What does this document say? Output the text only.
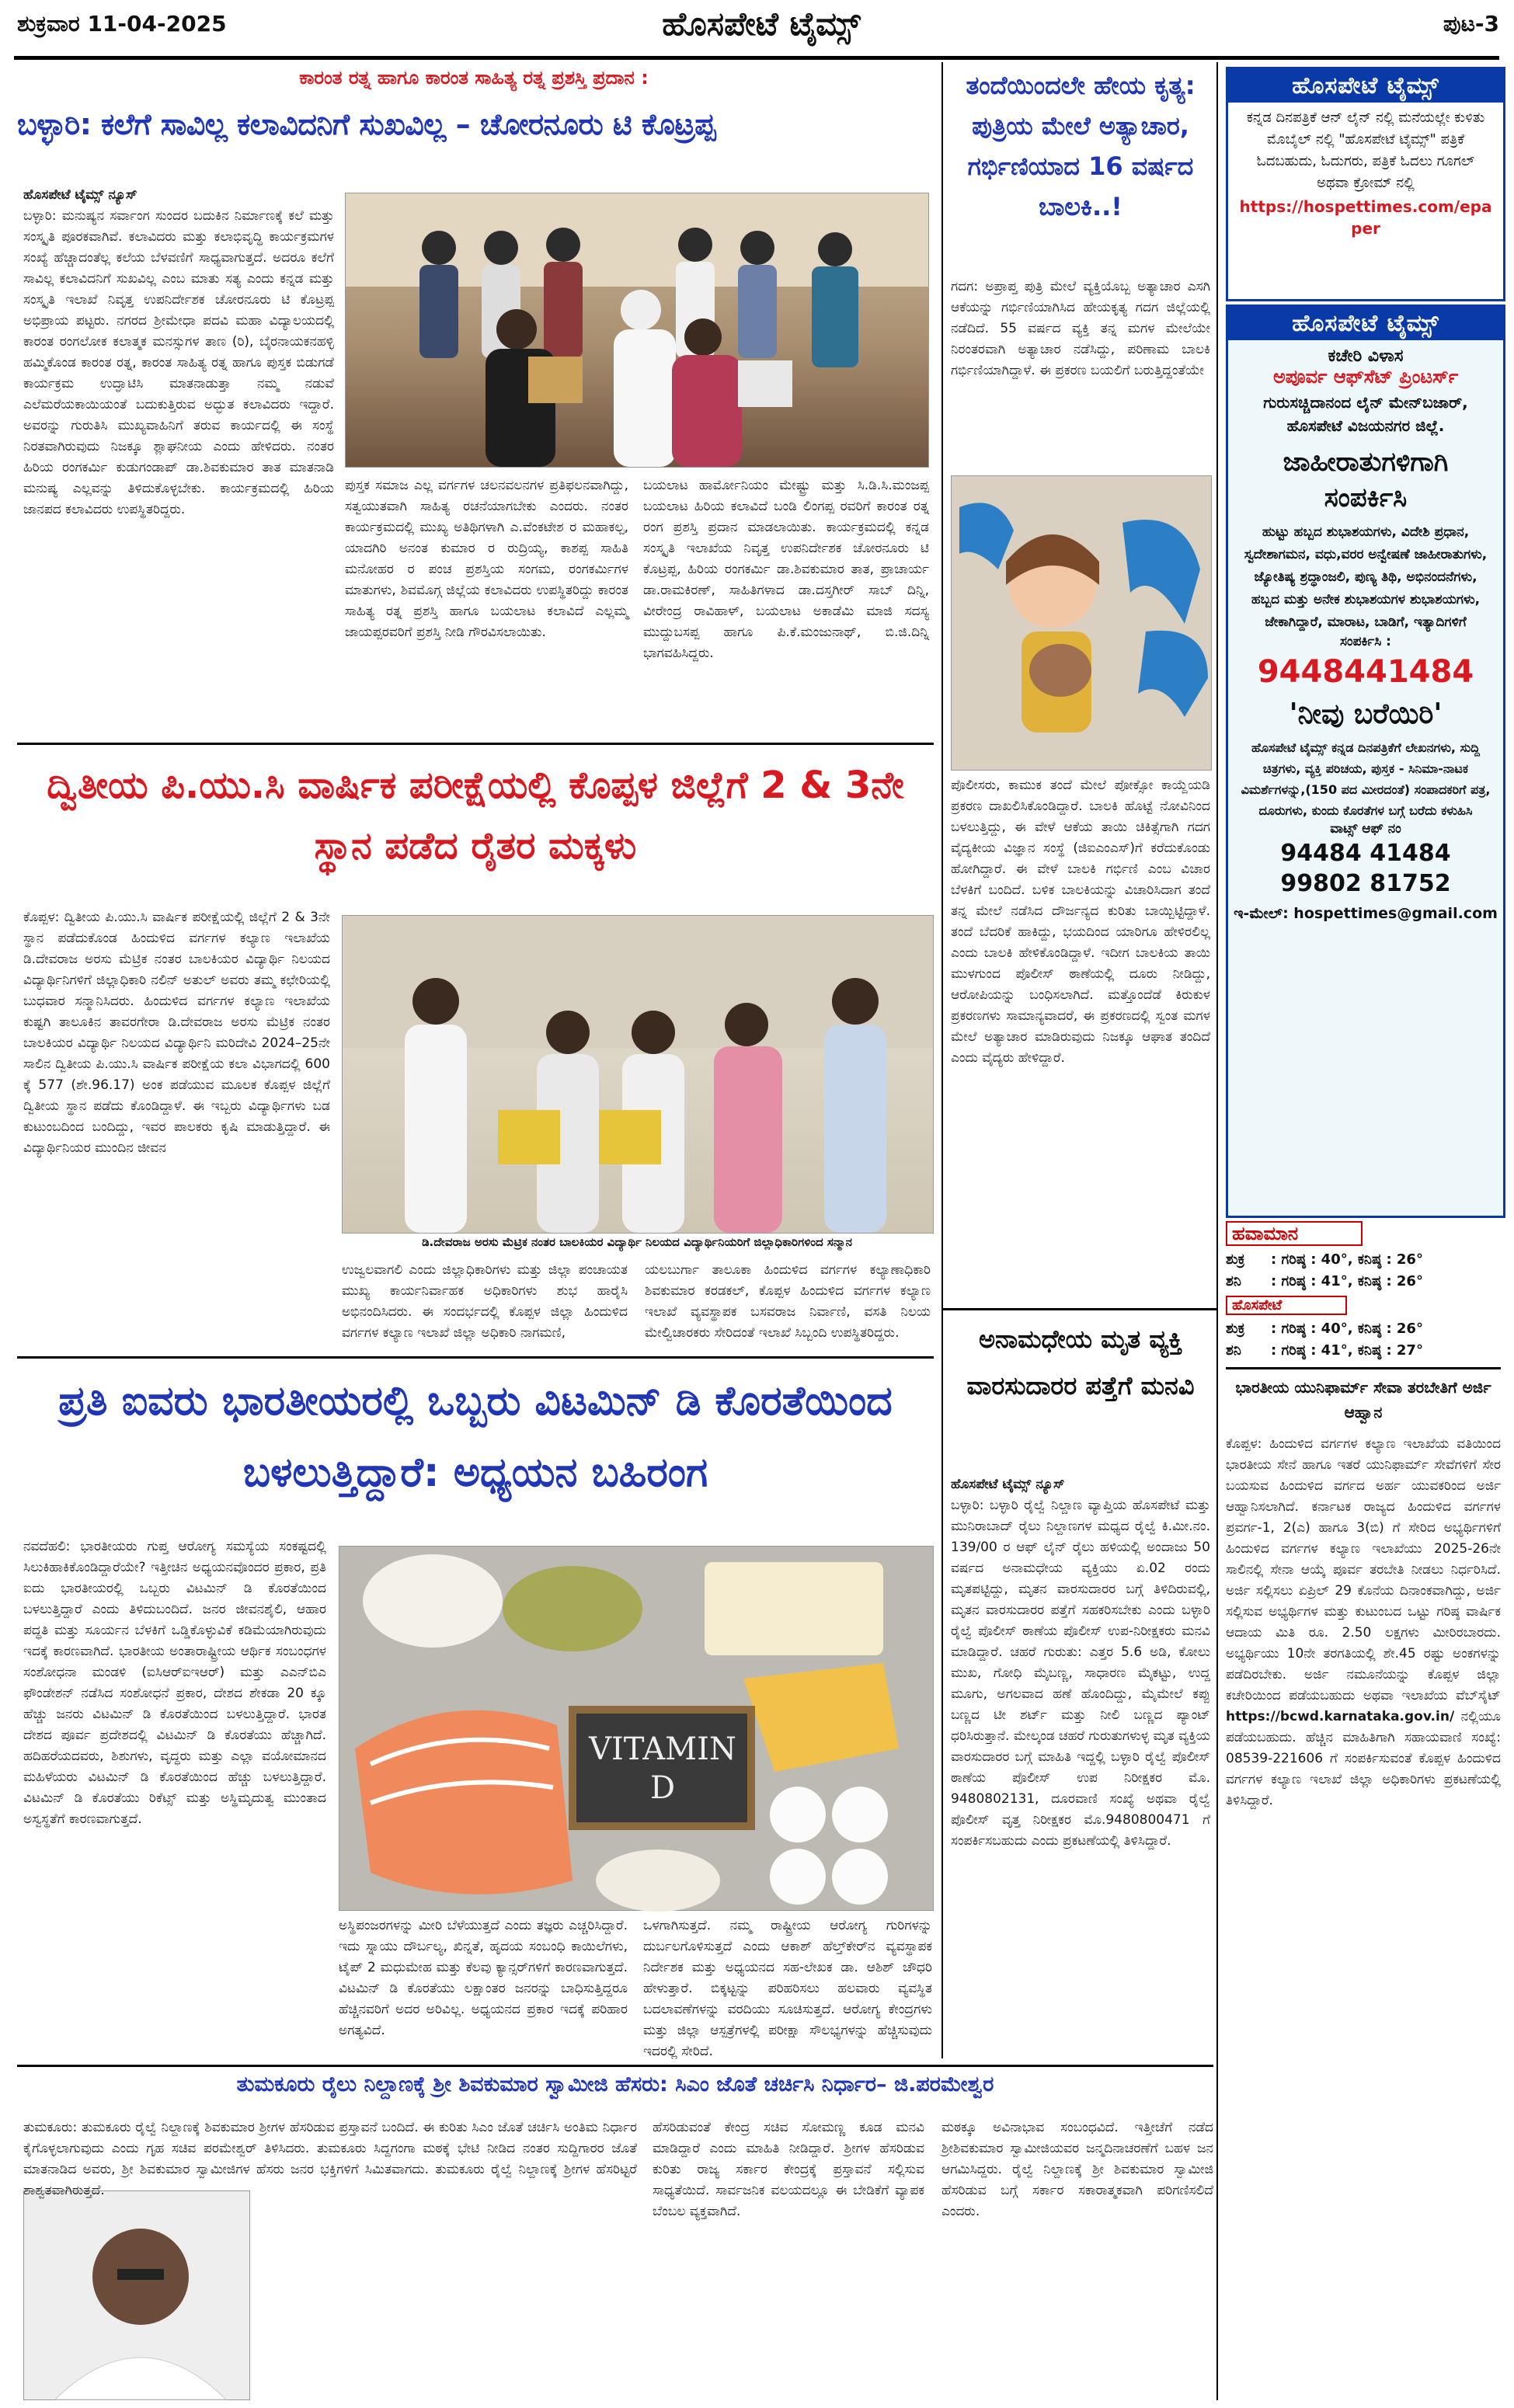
ಶುಕ್ರವಾರ 11-04-2025	ಹೊಸಪೇಟೆ ಟೈಮ್ಸ್	ಪುಟ-3
ಕಾರಂತ ರತ್ನ ಹಾಗೂ ಕಾರಂತ ಸಾಹಿತ್ಯ ರತ್ನ ಪ್ರಶಸ್ತಿ ಪ್ರದಾನ :
ಬಳ್ಳಾರಿ: ಕಲೆಗೆ ಸಾವಿಲ್ಲ ಕಲಾವಿದನಿಗೆ ಸುಖವಿಲ್ಲ – ಚೋರನೂರು ಟಿ ಕೊಟ್ರಪ್ಪ
ಹೊಸಪೇಟೆ ಟೈಮ್ಸ್ ನ್ಯೂಸ್
ಬಳ್ಳಾರಿ: ಮನುಷ್ಯನ ಸರ್ವಾಂಗ ಸುಂದರ ಬದುಕಿನ ನಿರ್ಮಾಣಕ್ಕೆ ಕಲೆ ಮತ್ತು ಸಂಸ್ಕೃತಿ ಪೂರಕವಾಗಿವೆ. ಕಲಾವಿದರು ಮತ್ತು ಕಲಾಭಿವೃದ್ಧಿ ಕಾರ್ಯಕ್ರಮಗಳ ಸಂಖ್ಯೆ ಹೆಚ್ಚಾದಂತೆಲ್ಲ ಕಲೆಯ ಬೆಳವಣಿಗೆ ಸಾಧ್ಯವಾಗುತ್ತದೆ. ಅದರೂ ಕಲೆಗೆ ಸಾವಿಲ್ಲ ಕಲಾವಿದನಿಗೆ ಸುಖವಿಲ್ಲ ಎಂಬ ಮಾತು ಸತ್ಯ ಎಂದು ಕನ್ನಡ ಮತ್ತು ಸಂಸ್ಕೃತಿ ಇಲಾಖೆ ನಿವೃತ್ತ ಉಪನಿರ್ದೇಶಕ ಚೋರನೂರು ಟಿ ಕೊಟ್ರಪ್ಪ ಅಭಿಪ್ರಾಯ ಪಟ್ಟರು. ನಗರದ ಶ್ರೀಮೇಧಾ ಪದವಿ ಮಹಾ ವಿದ್ಯಾಲಯದಲ್ಲಿ ಕಾರಂತ ರಂಗಲೋಕ ಕಲಾತ್ಮಕ ಮನಸ್ಸುಗಳ ತಾಣ (ರಿ), ಬೈರನಾಯಕನಹಳ್ಳಿ ಹಮ್ಮಿಕೊಂಡ ಕಾರಂತ ರತ್ನ, ಕಾರಂತ ಸಾಹಿತ್ಯ ರತ್ನ ಹಾಗೂ ಪುಸ್ತಕ ಬಿಡುಗಡೆ ಕಾರ್ಯಕ್ರಮ ಉದ್ಘಾಟಿಸಿ ಮಾತನಾಡುತ್ತಾ ನಮ್ಮ ನಡುವೆ ಎಲೆಮರೆಯಕಾಯಿಯಂತೆ ಬದುಕುತ್ತಿರುವ ಅದ್ಭುತ ಕಲಾವಿದರು ಇದ್ದಾರೆ. ಅವರನ್ನು ಗುರುತಿಸಿ ಮುಖ್ಯವಾಹಿನಿಗೆ ತರುವ ಕಾರ್ಯದಲ್ಲಿ ಈ ಸಂಸ್ಥೆ ನಿರತವಾಗಿರುವುದು ನಿಜಕ್ಕೂ ಶ್ಲಾಘನೀಯ ಎಂದು ಹೇಳಿದರು. ನಂತರ ಹಿರಿಯ ರಂಗಕರ್ಮಿ ಕುಡುಗಂಡಾಪ್ ಡಾ.ಶಿವಕುಮಾರ ತಾತ ಮಾತನಾಡಿ ಮನುಷ್ಯ ಎಲ್ಲವನ್ನು ತಿಳಿದುಕೊಳ್ಳಬೇಕು. ಕಾರ್ಯಕ್ರಮದಲ್ಲಿ ಹಿರಿಯ ಜಾನಪದ ಕಲಾವಿದರು ಉಪಸ್ಥಿತರಿದ್ದರು.
ಪುಸ್ತಕ ಸಮಾಜ ಎಲ್ಲ ವರ್ಗಗಳ ಚಲನವಲನಗಳ ಪ್ರತಿಫಲನವಾಗಿದ್ದು, ಸತ್ವಯುತವಾಗಿ ಸಾಹಿತ್ಯ ರಚನೆಯಾಗಬೇಕು ಎಂದರು. ನಂತರ ಕಾರ್ಯಕ್ರಮದಲ್ಲಿ ಮುಖ್ಯ ಅತಿಥಿಗಳಾಗಿ ಎ.ವೆಂಕಟೇಶ ರ ಮಹಾಕಲ್ಪ, ಯಾದಗಿರಿ ಅನಂತ ಕುಮಾರ ರ ರುದ್ರಿಯ್ಯ, ಕಾಶಪ್ಪ ಸಾಹಿತಿ ಮನೋಹರ ರ ಪಂಚ ಪ್ರಶಸ್ತಿಯ ಸಂಗಮ, ರಂಗಕರ್ಮಿಗಳ ಮಾತುಗಳು, ಶಿವಮೊಗ್ಗ ಜಿಲ್ಲೆಯ ಕಲಾವಿದರು ಉಪಸ್ಥಿತರಿದ್ದು ಕಾರಂತ ಸಾಹಿತ್ಯ ರತ್ನ ಪ್ರಶಸ್ತಿ ಹಾಗೂ ಬಯಲಾಟ ಕಲಾವಿದೆ ಎಲ್ಲಮ್ಮ ಜಾಯಪ್ಪರವರಿಗೆ ಪ್ರಶಸ್ತಿ ನೀಡಿ ಗೌರವಿಸಲಾಯಿತು.
ಬಯಲಾಟ ಹಾರ್ಮೋನಿಯಂ ಮೇಷ್ಟ್ರು ಮತ್ತು ಸಿ.ಡಿ.ಸಿ.ಮಂಜಪ್ಪ ಬಯಲಾಟ ಹಿರಿಯ ಕಲಾವಿದೆ ಬಂಡಿ ಲಿಂಗಪ್ಪ ರವರಿಗೆ ಕಾರಂತ ರತ್ನ ರಂಗ ಪ್ರಶಸ್ತಿ ಪ್ರದಾನ ಮಾಡಲಾಯಿತು. ಕಾರ್ಯಕ್ರಮದಲ್ಲಿ ಕನ್ನಡ ಸಂಸ್ಕೃತಿ ಇಲಾಖೆಯ ನಿವೃತ್ತ ಉಪನಿರ್ದೇಶಕ ಚೋರನೂರು ಟಿ ಕೊಟ್ರಪ್ಪ, ಹಿರಿಯ ರಂಗಕರ್ಮಿ ಡಾ.ಶಿವಕುಮಾರ ತಾತ, ಪ್ರಾಚಾರ್ಯ ಡಾ.ರಾಮಕಿರಣ್, ಸಾಹಿತಿಗಳಾದ ಡಾ.ದಸ್ತಗೀರ್ ಸಾಬ್ ದಿನ್ನಿ, ವೀರೇಂದ್ರ ರಾವಿಹಾಳ್, ಬಯಲಾಟ ಅಕಾಡೆಮಿ ಮಾಜಿ ಸದಸ್ಯ ಮುದ್ದುಬಸಪ್ಪ ಹಾಗೂ ಪಿ.ಕೆ.ಮಂಜುನಾಥ್, ಬಿ.ಜಿ.ದಿನ್ನಿ ಭಾಗವಹಿಸಿದ್ದರು.
ದ್ವಿತೀಯ ಪಿ.ಯು.ಸಿ ವಾರ್ಷಿಕ ಪರೀಕ್ಷೆಯಲ್ಲಿ ಕೊಪ್ಪಳ ಜಿಲ್ಲೆಗೆ 2 & 3ನೇ ಸ್ಥಾನ ಪಡೆದ ರೈತರ ಮಕ್ಕಳು
ಕೊಪ್ಪಳ: ದ್ವಿತೀಯ ಪಿ.ಯು.ಸಿ ವಾರ್ಷಿಕ ಪರೀಕ್ಷೆಯಲ್ಲಿ ಜಿಲ್ಲೆಗೆ 2 & 3ನೇ ಸ್ಥಾನ ಪಡೆದುಕೊಂಡ ಹಿಂದುಳಿದ ವರ್ಗಗಳ ಕಲ್ಯಾಣ ಇಲಾಖೆಯ ಡಿ.ದೇವರಾಜ ಅರಸು ಮೆಟ್ರಿಕ ನಂತರ ಬಾಲಕಿಯರ ವಿದ್ಯಾರ್ಥಿ ನಿಲಯದ ವಿದ್ಯಾರ್ಥಿನಿಗಳಿಗೆ ಜಿಲ್ಲಾಧಿಕಾರಿ ನಲಿನ್ ಅತುಲ್ ಅವರು ತಮ್ಮ ಕಛೇರಿಯಲ್ಲಿ ಬುಧವಾರ ಸನ್ಮಾನಿಸಿದರು. ಹಿಂದುಳಿದ ವರ್ಗಗಳ ಕಲ್ಯಾಣ ಇಲಾಖೆಯ ಕುಷ್ಟಗಿ ತಾಲೂಕಿನ ತಾವರಗೇರಾ ಡಿ.ದೇವರಾಜ ಅರಸು ಮೆಟ್ರಿಕ ನಂತರ ಬಾಲಕಿಯರ ವಿದ್ಯಾರ್ಥಿ ನಿಲಯದ ವಿದ್ಯಾರ್ಥಿನಿ ಮರಿದೇವಿ 2024–25ನೇ ಸಾಲಿನ ದ್ವಿತೀಯ ಪಿ.ಯು.ಸಿ ವಾರ್ಷಿಕ ಪರೀಕ್ಷೆಯ ಕಲಾ ವಿಭಾಗದಲ್ಲಿ 600 ಕ್ಕೆ 577 (ಶೇ.96.17) ಅಂಕ ಪಡೆಯುವ ಮೂಲಕ ಕೊಪ್ಪಳ ಜಿಲ್ಲೆಗೆ ದ್ವಿತೀಯ ಸ್ಥಾನ ಪಡೆದು ಕೊಂಡಿದ್ದಾಳೆ. ಈ ಇಬ್ಬರು ವಿದ್ಯಾರ್ಥಿಗಳು ಬಡ ಕುಟುಂಬದಿಂದ ಬಂದಿದ್ದು, ಇವರ ಪಾಲಕರು ಕೃಷಿ ಮಾಡುತ್ತಿದ್ದಾರೆ. ಈ ವಿದ್ಯಾರ್ಥಿನಿಯರ ಮುಂದಿನ ಜೀವನ
ಡಿ.ದೇವರಾಜ ಅರಸು ಮೆಟ್ರಿಕ ನಂತರ ಬಾಲಕಿಯರ ವಿದ್ಯಾರ್ಥಿ ನಿಲಯದ ವಿದ್ಯಾರ್ಥಿನಿಯರಿಗೆ ಜಿಲ್ಲಾಧಿಕಾರಿಗಳಿಂದ ಸನ್ಮಾನ
ಉಜ್ವಲವಾಗಲಿ ಎಂದು ಜಿಲ್ಲಾಧಿಕಾರಿಗಳು ಮತ್ತು ಜಿಲ್ಲಾ ಪಂಚಾಯತ ಮುಖ್ಯ ಕಾರ್ಯನಿರ್ವಾಹಕ ಅಧಿಕಾರಿಗಳು ಶುಭ ಹಾರೈಸಿ ಅಭಿನಂದಿಸಿದರು. ಈ ಸಂದರ್ಭದಲ್ಲಿ ಕೊಪ್ಪಳ ಜಿಲ್ಲಾ ಹಿಂದುಳಿದ ವರ್ಗಗಳ ಕಲ್ಯಾಣ ಇಲಾಖೆ ಜಿಲ್ಲಾ ಅಧಿಕಾರಿ ನಾಗಮಣಿ,
ಯಲಬುರ್ಗಾ ತಾಲೂಕಾ ಹಿಂದುಳಿದ ವರ್ಗಗಳ ಕಲ್ಯಾಣಾಧಿಕಾರಿ ಶಿವಕುಮಾರ ಕರಡಕಲ್, ಕೊಪ್ಪಳ ಹಿಂದುಳಿದ ವರ್ಗಗಳ ಕಲ್ಯಾಣ ಇಲಾಖೆ ವ್ಯವಸ್ಥಾಪಕ ಬಸವರಾಜ ನಿರ್ವಾಣಿ, ವಸತಿ ನಿಲಯ ಮೇಲ್ವಿಚಾರಕರು ಸೇರಿದಂತೆ ಇಲಾಖೆ ಸಿಬ್ಬಂದಿ ಉಪಸ್ಥಿತರಿದ್ದರು.
ಪ್ರತಿ ಐವರು ಭಾರತೀಯರಲ್ಲಿ ಒಬ್ಬರು ವಿಟಮಿನ್ ಡಿ ಕೊರತೆಯಿಂದ ಬಳಲುತ್ತಿದ್ದಾರೆ: ಅಧ್ಯಯನ ಬಹಿರಂಗ
ನವದೆಹಲಿ: ಭಾರತೀಯರು ಗುಪ್ತ ಆರೋಗ್ಯ ಸಮಸ್ಯೆಯ ಸಂಕಷ್ಟದಲ್ಲಿ ಸಿಲುಕಿಹಾಕಿಕೊಂಡಿದ್ದಾರೆಯೇ? ಇತ್ತೀಚಿನ ಅಧ್ಯಯನವೊಂದರ ಪ್ರಕಾರ, ಪ್ರತಿ ಐದು ಭಾರತೀಯರಲ್ಲಿ ಒಬ್ಬರು ವಿಟಮಿನ್ ಡಿ ಕೊರತೆಯಿಂದ ಬಳಲುತ್ತಿದ್ದಾರೆ ಎಂದು ತಿಳಿದುಬಂದಿದೆ. ಜನರ ಜೀವನಶೈಲಿ, ಆಹಾರ ಪದ್ಧತಿ ಮತ್ತು ಸೂರ್ಯನ ಬೆಳಕಿಗೆ ಒಡ್ಡಿಕೊಳ್ಳುವಿಕೆ ಕಡಿಮೆಯಾಗಿರುವುದು ಇದಕ್ಕೆ ಕಾರಣವಾಗಿದೆ. ಭಾರತೀಯ ಅಂತಾರಾಷ್ಟ್ರೀಯ ಆರ್ಥಿಕ ಸಂಬಂಧಗಳ ಸಂಶೋಧನಾ ಮಂಡಳಿ (ಐಸಿಆರ್‌ಐಇಆರ್) ಮತ್ತು ಎಎನ್‌ಬಿಎ ಫೌಂಡೇಶನ್ ನಡೆಸಿದ ಸಂಶೋಧನೆ ಪ್ರಕಾರ, ದೇಶದ ಶೇಕಡಾ 20 ಕ್ಕೂ ಹೆಚ್ಚು ಜನರು ವಿಟಮಿನ್ ಡಿ ಕೊರತೆಯಿಂದ ಬಳಲುತ್ತಿದ್ದಾರೆ. ಭಾರತ ದೇಶದ ಪೂರ್ವ ಪ್ರದೇಶದಲ್ಲಿ ವಿಟಮಿನ್ ಡಿ ಕೊರತೆಯು ಹೆಚ್ಚಾಗಿದೆ. ಹದಿಹರೆಯದವರು, ಶಿಶುಗಳು, ವೃದ್ಧರು ಮತ್ತು ಎಲ್ಲಾ ವಯೋಮಾನದ ಮಹಿಳೆಯರು ವಿಟಮಿನ್ ಡಿ ಕೊರತೆಯಿಂದ ಹೆಚ್ಚು ಬಳಲುತ್ತಿದ್ದಾರೆ. ವಿಟಮಿನ್ ಡಿ ಕೊರತೆಯು ರಿಕೆಟ್ಸ್ ಮತ್ತು ಅಸ್ಥಿಮೃದುತ್ವ ಮುಂತಾದ ಅಸ್ವಸ್ಥತೆಗೆ ಕಾರಣವಾಗುತ್ತದೆ.
VITAMIN D
ಅಸ್ಥಿಪಂಜರಗಳನ್ನು ಮೀರಿ ಬೆಳೆಯುತ್ತದೆ ಎಂದು ತಜ್ಞರು ಎಚ್ಚರಿಸಿದ್ದಾರೆ. ಇದು ಸ್ನಾಯು ದೌರ್ಬಲ್ಯ, ಖಿನ್ನತೆ, ಹೃದಯ ಸಂಬಂಧಿ ಕಾಯಿಲೆಗಳು, ಟೈಪ್ 2 ಮಧುಮೇಹ ಮತ್ತು ಕೆಲವು ಕ್ಯಾನ್ಸರ್‌ಗಳಿಗೆ ಕಾರಣವಾಗುತ್ತದೆ. ವಿಟಮಿನ್ ಡಿ ಕೊರತೆಯು ಲಕ್ಷಾಂತರ ಜನರನ್ನು ಬಾಧಿಸುತ್ತಿದ್ದರೂ ಹೆಚ್ಚಿನವರಿಗೆ ಅದರ ಅರಿವಿಲ್ಲ. ಅಧ್ಯಯನದ ಪ್ರಕಾರ ಇದಕ್ಕೆ ಪರಿಹಾರ ಅಗತ್ಯವಿದೆ.
ಒಳಗಾಗಿಸುತ್ತದೆ. ನಮ್ಮ ರಾಷ್ಟ್ರೀಯ ಆರೋಗ್ಯ ಗುರಿಗಳನ್ನು ದುರ್ಬಲಗೊಳಿಸುತ್ತದೆ ಎಂದು ಆಕಾಶ್ ಹೆಲ್ತ್‌ಕೇರ್‌ನ ವ್ಯವಸ್ಥಾಪಕ ನಿರ್ದೇಶಕ ಮತ್ತು ಅಧ್ಯಯನದ ಸಹ-ಲೇಖಕ ಡಾ. ಆಶಿಶ್ ಚೌಧರಿ ಹೇಳುತ್ತಾರೆ. ಬಿಕ್ಕಟ್ಟನ್ನು ಪರಿಹರಿಸಲು ಹಲವಾರು ವ್ಯವಸ್ಥಿತ ಬದಲಾವಣೆಗಳನ್ನು ವರದಿಯು ಸೂಚಿಸುತ್ತದೆ. ಆರೋಗ್ಯ ಕೇಂದ್ರಗಳು ಮತ್ತು ಜಿಲ್ಲಾ ಆಸ್ಪತ್ರೆಗಳಲ್ಲಿ ಪರೀಕ್ಷಾ ಸೌಲಭ್ಯಗಳನ್ನು ಹೆಚ್ಚಿಸುವುದು ಇದರಲ್ಲಿ ಸೇರಿದೆ.
ತುಮಕೂರು ರೈಲು ನಿಲ್ದಾಣಕ್ಕೆ ಶ್ರೀ ಶಿವಕುಮಾರ ಸ್ವಾಮೀಜಿ ಹೆಸರು: ಸಿಎಂ ಜೊತೆ ಚರ್ಚಿಸಿ ನಿರ್ಧಾರ– ಜಿ.ಪರಮೇಶ್ವರ
ತುಮಕೂರು: ತುಮಕೂರು ರೈಲ್ವೆ ನಿಲ್ದಾಣಕ್ಕೆ ಶಿವಕುಮಾರ ಶ್ರೀಗಳ ಹೆಸರಿಡುವ ಪ್ರಸ್ತಾವನೆ ಬಂದಿದೆ. ಈ ಕುರಿತು ಸಿಎಂ ಜೊತೆ ಚರ್ಚಿಸಿ ಅಂತಿಮ ನಿರ್ಧಾರ ಕೈಗೊಳ್ಳಲಾಗುವುದು ಎಂದು ಗೃಹ ಸಚಿವ ಪರಮೇಶ್ವರ್ ತಿಳಿಸಿದರು. ತುಮಕೂರು ಸಿದ್ದಗಂಗಾ ಮಠಕ್ಕೆ ಭೇಟಿ ನೀಡಿದ ನಂತರ ಸುದ್ದಿಗಾರರ ಜೊತೆ ಮಾತನಾಡಿದ ಅವರು, ಶ್ರೀ ಶಿವಕುಮಾರ ಸ್ವಾಮೀಜಿಗಳ ಹೆಸರು ಜನರ ಭಕ್ತಿಗಳಿಗೆ ಸಿಮಿತವಾಗದು. ತುಮಕೂರು ರೈಲ್ವೆ ನಿಲ್ದಾಣಕ್ಕೆ ಶ್ರೀಗಳ ಹೆಸರಿಟ್ಟರೆ ಶಾಶ್ವತವಾಗಿರುತ್ತದೆ.
ಹೆಸರಿಡುವಂತೆ ಕೇಂದ್ರ ಸಚಿವ ಸೋಮಣ್ಣ ಕೂಡ ಮನವಿ ಮಾಡಿದ್ದಾರೆ ಎಂದು ಮಾಹಿತಿ ನೀಡಿದ್ದಾರೆ. ಶ್ರೀಗಳ ಹೆಸರಿಡುವ ಕುರಿತು ರಾಜ್ಯ ಸರ್ಕಾರ ಕೇಂದ್ರಕ್ಕೆ ಪ್ರಸ್ತಾವನೆ ಸಲ್ಲಿಸುವ ಸಾಧ್ಯತೆಯಿದೆ. ಸಾರ್ವಜನಿಕ ವಲಯದಲ್ಲೂ ಈ ಬೇಡಿಕೆಗೆ ವ್ಯಾಪಕ ಬೆಂಬಲ ವ್ಯಕ್ತವಾಗಿದೆ.
ಮಠಕ್ಕೂ ಅವಿನಾಭಾವ ಸಂಬಂಧವಿದೆ. ಇತ್ತೀಚೆಗೆ ನಡೆದ ಶ್ರೀಶಿವಕುಮಾರ ಸ್ವಾಮೀಜಿಯವರ ಜನ್ಮದಿನಾಚರಣೆಗೆ ಬಹಳ ಜನ ಆಗಮಿಸಿದ್ದರು. ರೈಲ್ವೆ ನಿಲ್ದಾಣಕ್ಕೆ ಶ್ರೀ ಶಿವಕುಮಾರ ಸ್ವಾಮೀಜಿ ಹೆಸರಿಡುವ ಬಗ್ಗೆ ಸರ್ಕಾರ ಸಕಾರಾತ್ಮಕವಾಗಿ ಪರಿಗಣಿಸಲಿದೆ ಎಂದರು.
ತಂದೆಯಿಂದಲೇ ಹೇಯ ಕೃತ್ಯ: ಪುತ್ರಿಯ ಮೇಲೆ ಅತ್ಯಾಚಾರ, ಗರ್ಭಿಣಿಯಾದ 16 ವರ್ಷದ ಬಾಲಕಿ..!
ಗದಗ: ಅಪ್ರಾಪ್ತ ಪುತ್ರಿ ಮೇಲೆ ವ್ಯಕ್ತಿಯೊಬ್ಬ ಅತ್ಯಾಚಾರ ಎಸಗಿ ಆಕೆಯನ್ನು ಗರ್ಭಿಣಿಯಾಗಿಸಿದ ಹೇಯಕೃತ್ಯ ಗದಗ ಜಿಲ್ಲೆಯಲ್ಲಿ ನಡೆದಿದೆ. 55 ವರ್ಷದ ವ್ಯಕ್ತಿ ತನ್ನ ಮಗಳ ಮೇಲೆಯೇ ನಿರಂತರವಾಗಿ ಅತ್ಯಾಚಾರ ನಡೆಸಿದ್ದು, ಪರಿಣಾಮ ಬಾಲಕಿ ಗರ್ಭಿಣಿಯಾಗಿದ್ದಾಳೆ. ಈ ಪ್ರಕರಣ ಬಯಲಿಗೆ ಬರುತ್ತಿದ್ದಂತೆಯೇ
ಪೊಲೀಸರು, ಕಾಮುಕ ತಂದೆ ಮೇಲೆ ಪೋಕ್ಸೋ ಕಾಯ್ದೆಯಡಿ ಪ್ರಕರಣ ದಾಖಲಿಸಿಕೊಂಡಿದ್ದಾರೆ. ಬಾಲಕಿ ಹೊಟ್ಟೆ ನೋವಿನಿಂದ ಬಳಲುತ್ತಿದ್ದು, ಈ ವೇಳೆ ಆಕೆಯ ತಾಯಿ ಚಿಕಿತ್ಸೆಗಾಗಿ ಗದಗ ವೈದ್ಯಕೀಯ ವಿಜ್ಞಾನ ಸಂಸ್ಥೆ (ಜಿಐಎಂಎಸ್)ಗೆ ಕರೆದುಕೊಂಡು ಹೋಗಿದ್ದಾರೆ. ಈ ವೇಳೆ ಬಾಲಕಿ ಗರ್ಭಿಣಿ ಎಂಬ ವಿಚಾರ ಬೆಳಕಿಗೆ ಬಂದಿದೆ. ಬಳಿಕ ಬಾಲಕಿಯನ್ನು ವಿಚಾರಿಸಿದಾಗ ತಂದೆ ತನ್ನ ಮೇಲೆ ನಡೆಸಿದ ದೌರ್ಜನ್ಯದ ಕುರಿತು ಬಾಯ್ಬಿಟ್ಟಿದ್ದಾಳೆ. ತಂದೆ ಬೆದರಿಕೆ ಹಾಕಿದ್ದು, ಭಯದಿಂದ ಯಾರಿಗೂ ಹೇಳಿರಲಿಲ್ಲ ಎಂದು ಬಾಲಕಿ ಹೇಳಿಕೊಂಡಿದ್ದಾಳೆ. ಇದೀಗ ಬಾಲಕಿಯ ತಾಯಿ ಮುಳಗುಂದ ಪೊಲೀಸ್ ಠಾಣೆಯಲ್ಲಿ ದೂರು ನೀಡಿದ್ದು, ಆರೋಪಿಯನ್ನು ಬಂಧಿಸಲಾಗಿದೆ. ಮತ್ತೊಂದೆಡೆ ಕಿರುಕುಳ ಪ್ರಕರಣಗಳು ಸಾಮಾನ್ಯವಾದರೆ, ಈ ಪ್ರಕರಣದಲ್ಲಿ ಸ್ವಂತ ಮಗಳ ಮೇಲೆ ಅತ್ಯಾಚಾರ ಮಾಡಿರುವುದು ನಿಜಕ್ಕೂ ಆಘಾತ ತಂದಿದೆ ಎಂದು ವೈದ್ಯರು ಹೇಳಿದ್ದಾರೆ.
ಅನಾಮಧೇಯ ಮೃತ ವ್ಯಕ್ತಿ ವಾರಸುದಾರರ ಪತ್ತೆಗೆ ಮನವಿ
ಹೊಸಪೇಟೆ ಟೈಮ್ಸ್ ನ್ಯೂಸ್
ಬಳ್ಳಾರಿ: ಬಳ್ಳಾರಿ ರೈಲ್ವೆ ನಿಲ್ದಾಣ ವ್ಯಾಪ್ತಿಯ ಹೊಸಪೇಟೆ ಮತ್ತು ಮುನಿರಾಬಾದ್ ರೈಲು ನಿಲ್ದಾಣಗಳ ಮಧ್ಯದ ರೈಲ್ವೆ ಕಿ.ಮೀ.ನಂ. 139/00 ರ ಆಫ್ ಲೈನ್ ರೈಲು ಹಳಿಯಲ್ಲಿ ಅಂದಾಜು 50 ವರ್ಷದ ಅನಾಮಧೇಯ ವ್ಯಕ್ತಿಯು ಏ.02 ರಂದು ಮೃತಪಟ್ಟಿದ್ದು, ಮೃತನ ವಾರಸುದಾರರ ಬಗ್ಗೆ ತಿಳಿದಿರುವಲ್ಲಿ, ಮೃತನ ವಾರಸುದಾರರ ಪತ್ತೆಗೆ ಸಹಕರಿಸಬೇಕು ಎಂದು ಬಳ್ಳಾರಿ ರೈಲ್ವೆ ಪೊಲೀಸ್ ಠಾಣೆಯ ಪೊಲೀಸ್ ಉಪ-ನಿರೀಕ್ಷಕರು ಮನವಿ ಮಾಡಿದ್ದಾರೆ. ಚಹರೆ ಗುರುತು: ಎತ್ತರ 5.6 ಅಡಿ, ಕೋಲು ಮುಖ, ಗೋಧಿ ಮೈಬಣ್ಣ, ಸಾಧಾರಣ ಮೈಕಟ್ಟು, ಉದ್ದ ಮೂಗು, ಅಗಲವಾದ ಹಣೆ ಹೊಂದಿದ್ದು, ಮೈಮೇಲೆ ಕಪ್ಪು ಬಣ್ಣದ ಟೀ ಶರ್ಟ್ ಮತ್ತು ನೀಲಿ ಬಣ್ಣದ ಪ್ಯಾಂಟ್ ಧರಿಸಿರುತ್ತಾನೆ. ಮೇಲ್ಕಂಡ ಚಹರೆ ಗುರುತುಗಳುಳ್ಳ ಮೃತ ವ್ಯಕ್ತಿಯ ವಾರಸುದಾರರ ಬಗ್ಗೆ ಮಾಹಿತಿ ಇದ್ದಲ್ಲಿ ಬಳ್ಳಾರಿ ರೈಲ್ವೆ ಪೊಲೀಸ್ ಠಾಣೆಯ ಪೊಲೀಸ್ ಉಪ ನಿರೀಕ್ಷಕರ ಮೊ. 9480802131, ದೂರವಾಣಿ ಸಂಖ್ಯೆ ಅಥವಾ ರೈಲ್ವೆ ಪೊಲೀಸ್ ವೃತ್ತ ನಿರೀಕ್ಷಕರ ಮೊ.9480800471 ಗೆ ಸಂಪರ್ಕಿಸಬಹುದು ಎಂದು ಪ್ರಕಟಣೆಯಲ್ಲಿ ತಿಳಿಸಿದ್ದಾರೆ.
ಹೊಸಪೇಟೆ ಟೈಮ್ಸ್
ಕನ್ನಡ ದಿನಪತ್ರಿಕೆ ಆನ್ ಲೈನ್ ನಲ್ಲಿ ಮನೆಯಲ್ಲೇ ಕುಳಿತು ಮೊಬೈಲ್ ನಲ್ಲಿ "ಹೊಸಪೇಟೆ ಟೈಮ್ಸ್" ಪತ್ರಿಕೆ ಓದಬಹುದು, ಓದುಗರು, ಪತ್ರಿಕೆ ಓದಲು ಗೂಗಲ್ ಅಥವಾ ಕ್ರೋಮ್ ನಲ್ಲಿ
https://hospettimes.com/epaper
ಹೊಸಪೇಟೆ ಟೈಮ್ಸ್
ಕಚೇರಿ ವಿಳಾಸ
ಅಪೂರ್ವ ಆಫ್‌ಸೆಟ್ ಪ್ರಿಂಟರ್ಸ್
ಗುರುಸಚ್ಚಿದಾನಂದ ಲೈನ್ ಮೇನ್‌ಬಜಾರ್, ಹೊಸಪೇಟೆ ವಿಜಯನಗರ ಜಿಲ್ಲೆ.
ಜಾಹೀರಾತುಗಳಿಗಾಗಿ
ಸಂಪರ್ಕಿಸಿ
ಹುಟ್ಟು ಹಬ್ಬದ ಶುಭಾಶಯಗಳು, ವಿದೇಶಿ ಪ್ರಧಾನ, ಸ್ವದೇಶಾಗಮನ, ವಧು,ವರರ ಅನ್ವೇಷಣೆ ಜಾಹೀರಾತುಗಳು, ಜ್ಯೋತಿಷ್ಯ ಶ್ರದ್ಧಾಂಜಲಿ, ಪುಣ್ಯ ತಿಥಿ, ಅಭಿನಂದನೆಗಳು, ಹಬ್ಬದ ಮತ್ತು ಅನೇಕ ಶುಭಾಶಯಗಳ ಶುಭಾಶಯಗಳು, ಜೇಕಾಗಿದ್ದಾರೆ, ಮಾರಾಟ, ಬಾಡಿಗೆ, ಇತ್ಯಾದಿಗಳಿಗೆ
ಸಂಪರ್ಕಿಸಿ :
9448441484
'ನೀವು ಬರೆಯಿರಿ'
ಹೊಸಪೇಟೆ ಟೈಮ್ಸ್ ಕನ್ನಡ ದಿನಪತ್ರಿಕೆಗೆ ಲೇಖನಗಳು, ಸುದ್ದಿ ಚಿತ್ರಗಳು, ವ್ಯಕ್ತಿ ಪರಿಚಯ, ಪುಸ್ತಕ - ಸಿನಿಮಾ-ನಾಟಕ ವಿಮರ್ಶೆಗಳನ್ನು,(150 ಪದ ಮೀರದಂತೆ) ಸಂಪಾದಕರಿಗೆ ಪತ್ರ, ದೂರುಗಳು, ಕುಂದು ಕೊರತೆಗಳ ಬಗ್ಗೆ ಬರೆದು ಕಳುಹಿಸಿ
ವಾಟ್ಸ್ ಆಫ್ ನಂ
94484 41484
99802 81752
ಇ-ಮೇಲ್: hospettimes@gmail.com
ಹವಾಮಾನ
ಶುಕ್ರ : ಗರಿಷ್ಠ : 40°, ಕನಿಷ್ಠ : 26°
ಶನಿ : ಗರಿಷ್ಠ : 41°, ಕನಿಷ್ಠ : 26°
ಹೊಸಪೇಟೆ
ಶುಕ್ರ : ಗರಿಷ್ಠ : 40°, ಕನಿಷ್ಠ : 26°
ಶನಿ : ಗರಿಷ್ಠ : 41°, ಕನಿಷ್ಠ : 27°
ಭಾರತೀಯ ಯುನಿಫಾರ್ಮ್ ಸೇವಾ ತರಬೇತಿಗೆ ಅರ್ಜಿ ಆಹ್ವಾನ
ಕೊಪ್ಪಳ: ಹಿಂದುಳಿದ ವರ್ಗಗಳ ಕಲ್ಯಾಣ ಇಲಾಖೆಯ ವತಿಯಿಂದ ಭಾರತೀಯ ಸೇನೆ ಹಾಗೂ ಇತರೆ ಯುನಿಫಾರ್ಮ್ ಸೇವೆಗಳಿಗೆ ಸೇರ ಬಯಸುವ ಹಿಂದುಳಿದ ವರ್ಗದ ಅರ್ಹ ಯುವಕರಿಂದ ಅರ್ಜಿ ಆಹ್ವಾನಿಸಲಾಗಿದೆ. ಕರ್ನಾಟಕ ರಾಜ್ಯದ ಹಿಂದುಳಿದ ವರ್ಗಗಳ ಪ್ರವರ್ಗ-1, 2(ಎ) ಹಾಗೂ 3(ಬಿ) ಗೆ ಸೇರಿದ ಅಭ್ಯರ್ಥಿಗಳಿಗೆ ಹಿಂದುಳಿದ ವರ್ಗಗಳ ಕಲ್ಯಾಣ ಇಲಾಖೆಯು 2025-26ನೇ ಸಾಲಿನಲ್ಲಿ ಸೇನಾ ಆಯ್ಕೆ ಪೂರ್ವ ತರಬೇತಿ ನೀಡಲು ನಿರ್ಧರಿಸಿದೆ. ಅರ್ಜಿ ಸಲ್ಲಿಸಲು ಏಪ್ರಿಲ್ 29 ಕೊನೆಯ ದಿನಾಂಕವಾಗಿದ್ದು, ಅರ್ಜಿ ಸಲ್ಲಿಸುವ ಅಭ್ಯರ್ಥಿಗಳ ಮತ್ತು ಕುಟುಂಬದ ಒಟ್ಟು ಗರಿಷ್ಠ ವಾರ್ಷಿಕ ಆದಾಯ ಮಿತಿ ರೂ. 2.50 ಲಕ್ಷಗಳು ಮೀರಿರಬಾರದು. ಅಭ್ಯರ್ಥಿಯು 10ನೇ ತರಗತಿಯಲ್ಲಿ ಶೇ.45 ರಷ್ಟು ಅಂಕಗಳನ್ನು ಪಡೆದಿರಬೇಕು. ಅರ್ಜಿ ನಮೂನೆಯನ್ನು ಕೊಪ್ಪಳ ಜಿಲ್ಲಾ ಕಚೇರಿಯಿಂದ ಪಡೆಯಬಹುದು ಅಥವಾ ಇಲಾಖೆಯ ವೆಬ್‌ಸೈಟ್ https://bcwd.karnataka.gov.in/ ನಲ್ಲಿಯೂ ಪಡೆಯಬಹುದು. ಹೆಚ್ಚಿನ ಮಾಹಿತಿಗಾಗಿ ಸಹಾಯವಾಣಿ ಸಂಖ್ಯೆ: 08539-221606 ಗೆ ಸಂಪರ್ಕಿಸುವಂತೆ ಕೊಪ್ಪಳ ಹಿಂದುಳಿದ ವರ್ಗಗಳ ಕಲ್ಯಾಣ ಇಲಾಖೆ ಜಿಲ್ಲಾ ಅಧಿಕಾರಿಗಳು ಪ್ರಕಟಣೆಯಲ್ಲಿ ತಿಳಿಸಿದ್ದಾರೆ.
